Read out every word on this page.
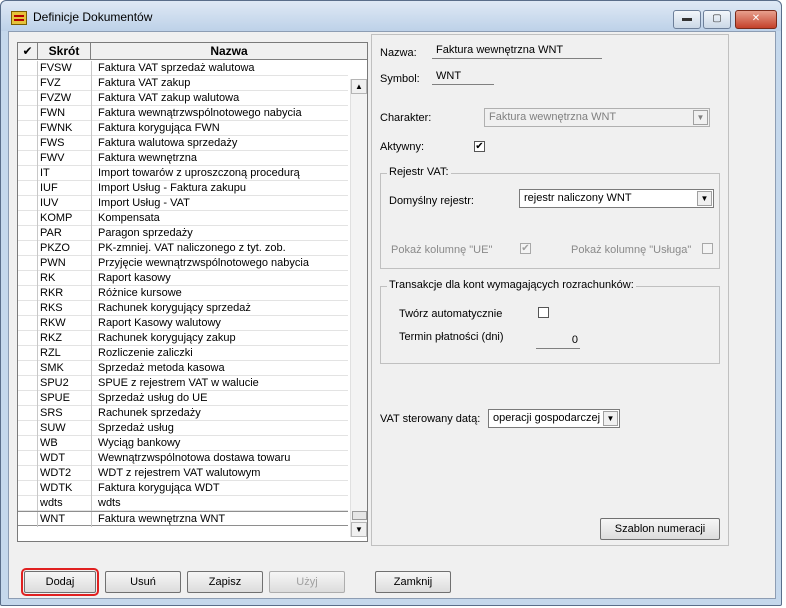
Definicje Dokumentów	▬	▢	✕
✔	Skrót	Nazwa
FVSW	Faktura VAT sprzedaż walutowa
FVZ	Faktura VAT zakup
FVZW	Faktura VAT zakup walutowa
FWN	Faktura wewnątrzwspólnotowego nabycia
FWNK	Faktura korygująca FWN
FWS	Faktura walutowa sprzedaży
FWV	Faktura wewnętrzna
IT	Import towarów z uproszczoną procedurą
IUF	Import Usług - Faktura zakupu
IUV	Import Usług - VAT
KOMP	Kompensata
PAR	Paragon sprzedaży
PKZO	PK-zmniej. VAT naliczonego z tyt. zob.
PWN	Przyjęcie wewnątrzwspólnotowego nabycia
RK	Raport kasowy
RKR	Różnice kursowe
RKS	Rachunek korygujący sprzedaż
RKW	Raport Kasowy walutowy
RKZ	Rachunek korygujący zakup
RZL	Rozliczenie zaliczki
SMK	Sprzedaż metoda kasowa
SPU2	SPUE z rejestrem VAT w walucie
SPUE	Sprzedaż usług do UE
SRS	Rachunek sprzedaży
SUW	Sprzedaż usług
WB	Wyciąg bankowy
WDT	Wewnątrzwspólnotowa dostawa towaru
WDT2	WDT z rejestrem VAT walutowym
WDTK	Faktura korygująca WDT
wdts	wdts
WNT	Faktura wewnętrzna WNT
▲
▼
Nazwa:	Faktura wewnętrzna WNT
Symbol:	WNT
Charakter:	Faktura wewnętrzna WNT	▼
Aktywny:	✔
Rejestr VAT:
Domyślny rejestr:	rejestr naliczony WNT	▼
Pokaż kolumnę "UE"	✔	Pokaż kolumnę "Usługa"
Transakcje dla kont wymagających rozrachunków:
Twórz automatycznie
Termin płatności (dni)	0
VAT sterowany datą:	operacji gospodarczej ▼
Szablon numeracji
Dodaj	Usuń	Zapisz	Użyj	Zamknij
